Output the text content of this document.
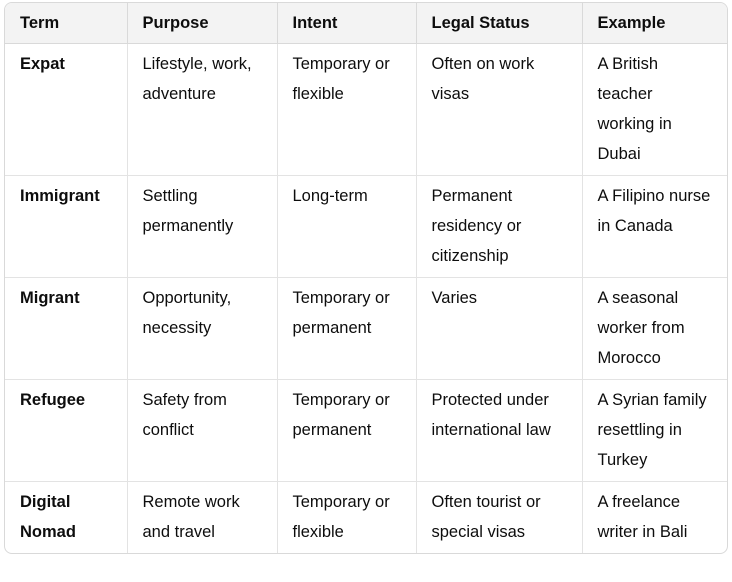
Term	Purpose	Intent	Legal Status	Example
Expat	Lifestyle, work, adventure	Temporary or flexible	Often on work visas	A British teacher working in Dubai
Immigrant	Settling permanently	Long-term	Permanent residency or citizenship	A Filipino nurse in Canada
Migrant	Opportunity, necessity	Temporary or permanent	Varies	A seasonal worker from Morocco
Refugee	Safety from conflict	Temporary or permanent	Protected under international law	A Syrian family resettling in Turkey
Digital Nomad	Remote work and travel	Temporary or flexible	Often tourist or special visas	A freelance writer in Bali
